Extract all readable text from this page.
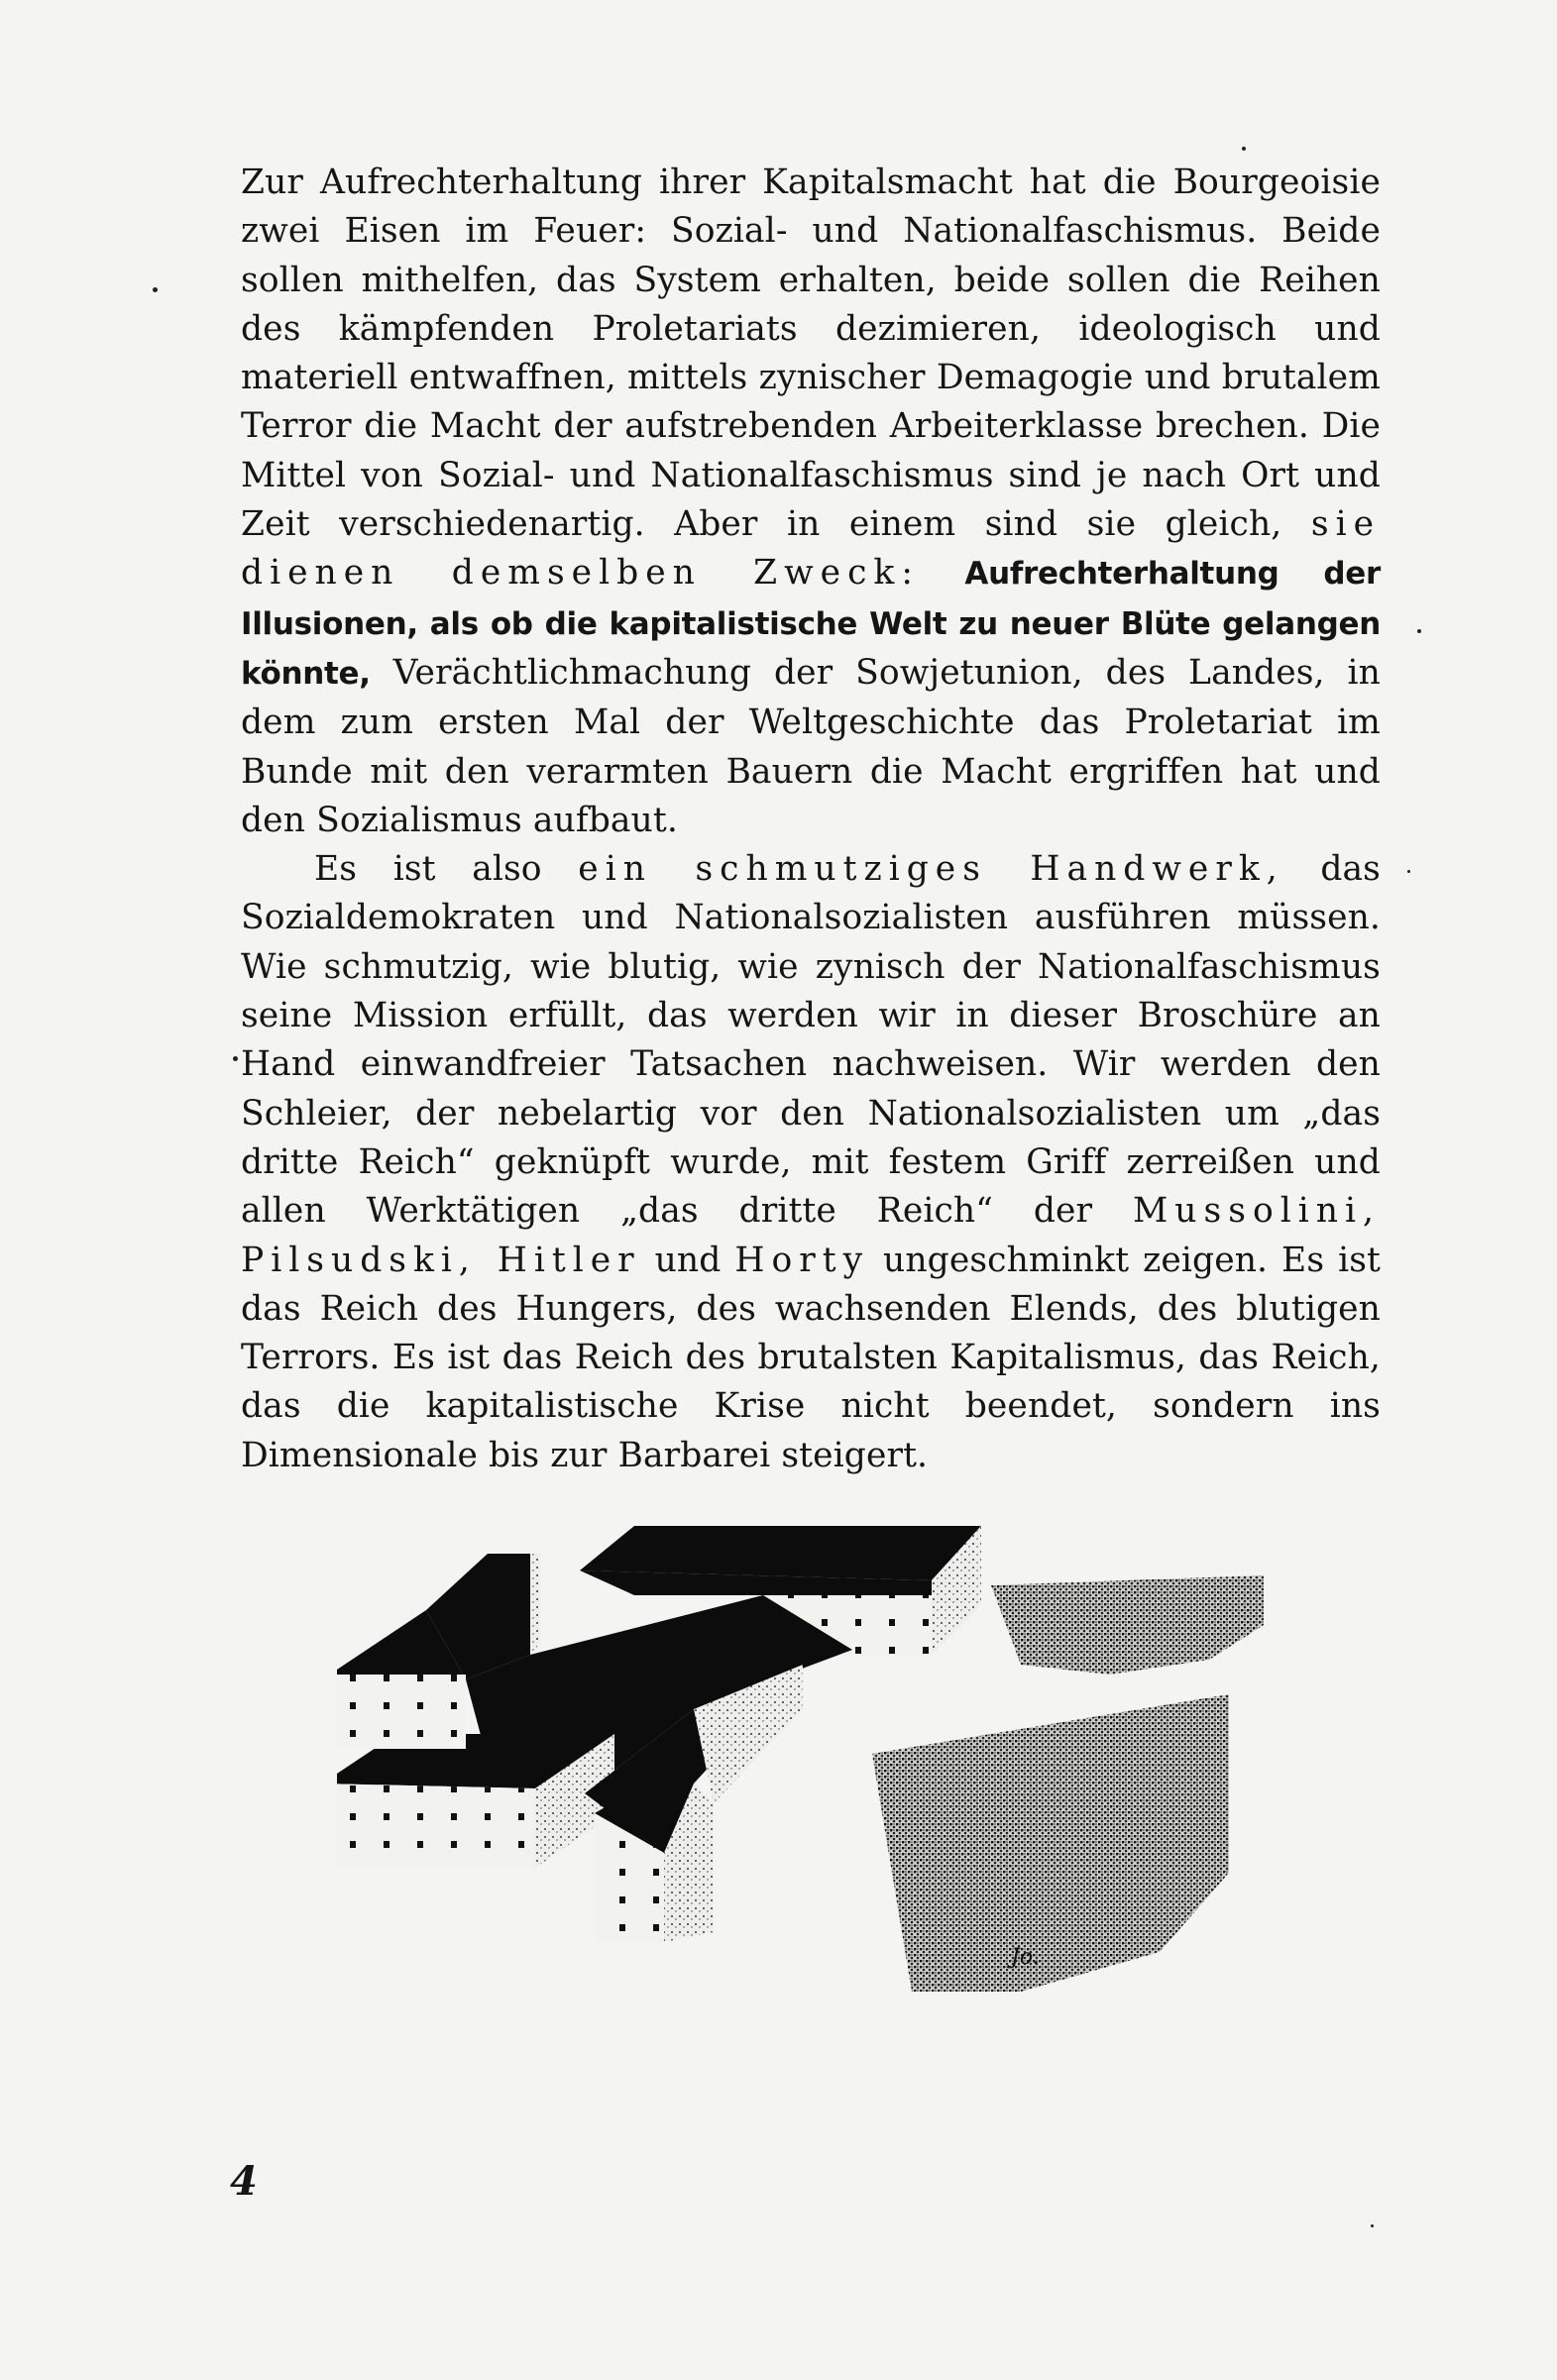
Zur Aufrechterhaltung ihrer Kapitalsmacht hat die Bourgeoisie zwei Eisen im Feuer: Sozial- und Nationalfaschismus. Beide sollen mithelfen, das System erhalten, beide sollen die Reihen des kämpfenden Proletariats dezimieren, ideologisch und materiell entwaffnen, mittels zynischer Demagogie und brutalem Terror die Macht der aufstrebenden Arbeiterklasse brechen. Die Mittel von Sozial- und Nationalfaschismus sind je nach Ort und Zeit verschiedenartig. Aber in einem sind sie gleich, sie dienen demselben Zweck: Aufrechterhaltung der Illusionen, als ob die kapitalistische Welt zu neuer Blüte gelangen könnte, Verächtlichmachung der Sowjetunion, des Landes, in dem zum ersten Mal der Weltgeschichte das Proletariat im Bunde mit den verarmten Bauern die Macht ergriffen hat und den Sozialismus aufbaut.

Es ist also ein schmutziges Handwerk, das Sozialdemokraten und Nationalsozialisten ausführen müssen. Wie schmutzig, wie blutig, wie zynisch der Nationalfaschismus seine Mission erfüllt, das werden wir in dieser Broschüre an Hand einwandfreier Tatsachen nachweisen. Wir werden den Schleier, der nebelartig vor den Nationalsozialisten um „das dritte Reich“ geknüpft wurde, mit festem Griff zerreißen und allen Werktätigen „das dritte Reich“ der Mussolini, Pilsudski, Hitler und Horty ungeschminkt zeigen. Es ist das Reich des Hungers, des wachsenden Elends, des blutigen Terrors. Es ist das Reich des brutalsten Kapitalismus, das Reich, das die kapitalistische Krise nicht beendet, sondern ins Dimensionale bis zur Barbarei steigert.

Jo.
4
